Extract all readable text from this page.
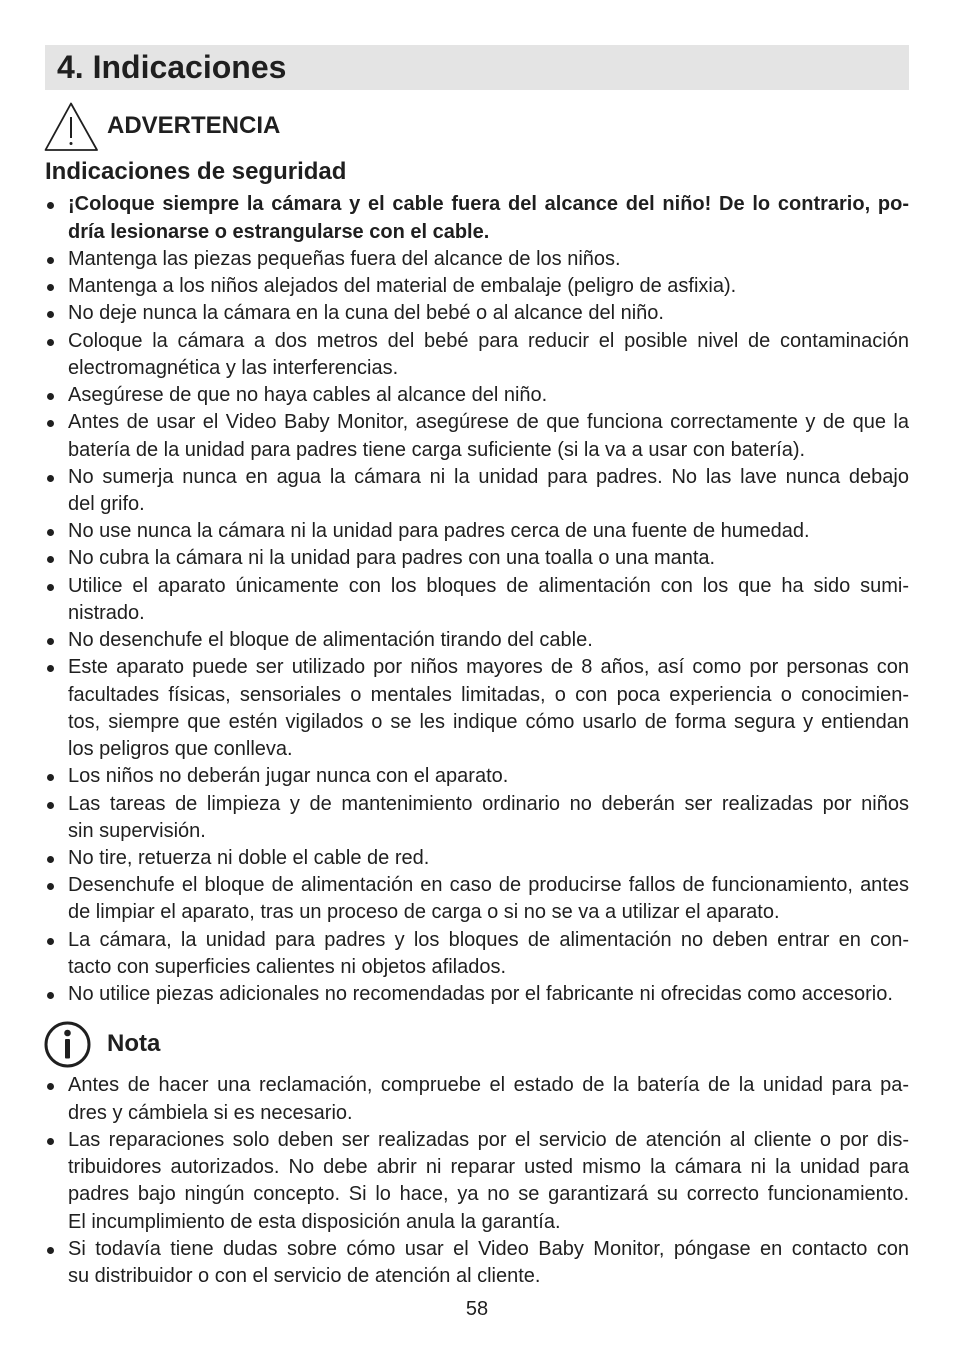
4. Indicaciones
ADVERTENCIA
Indicaciones de seguridad
¡Coloque siempre la cámara y el cable fuera del alcance del niño! De lo contrario, po-
dría lesionarse o estrangularse con el cable.
Mantenga las piezas pequeñas fuera del alcance de los niños.
Mantenga a los niños alejados del material de embalaje (peligro de asfixia).
No deje nunca la cámara en la cuna del bebé o al alcance del niño.
Coloque la cámara a dos metros del bebé para reducir el posible nivel de contaminación
electromagnética y las interferencias.
Asegúrese de que no haya cables al alcance del niño.
Antes de usar el Video Baby Monitor, asegúrese de que funciona correctamente y de que la
batería de la unidad para padres tiene carga suficiente (si la va a usar con batería).
No sumerja nunca en agua la cámara ni la unidad para padres. No las lave nunca debajo
del grifo.
No use nunca la cámara ni la unidad para padres cerca de una fuente de humedad.
No cubra la cámara ni la unidad para padres con una toalla o una manta.
Utilice el aparato únicamente con los bloques de alimentación con los que ha sido sumi-
nistrado.
No desenchufe el bloque de alimentación tirando del cable.
Este aparato puede ser utilizado por niños mayores de 8 años, así como por personas con
facultades físicas, sensoriales o mentales limitadas, o con poca experiencia o conocimien-
tos, siempre que estén vigilados o se les indique cómo usarlo de forma segura y entiendan
los peligros que conlleva.
Los niños no deberán jugar nunca con el aparato.
Las tareas de limpieza y de mantenimiento ordinario no deberán ser realizadas por niños
sin supervisión.
No tire, retuerza ni doble el cable de red.
Desenchufe el bloque de alimentación en caso de producirse fallos de funcionamiento, antes
de limpiar el aparato, tras un proceso de carga o si no se va a utilizar el aparato.
La cámara, la unidad para padres y los bloques de alimentación no deben entrar en con-
tacto con superficies calientes ni objetos afilados.
No utilice piezas adicionales no recomendadas por el fabricante ni ofrecidas como accesorio.
Nota
Antes de hacer una reclamación, compruebe el estado de la batería de la unidad para pa-
dres y cámbiela si es necesario.
Las reparaciones solo deben ser realizadas por el servicio de atención al cliente o por dis-
tribuidores autorizados. No debe abrir ni reparar usted mismo la cámara ni la unidad para
padres bajo ningún concepto. Si lo hace, ya no se garantizará su correcto funcionamiento.
El incumplimiento de esta disposición anula la garantía.
Si todavía tiene dudas sobre cómo usar el Video Baby Monitor, póngase en contacto con
su distribuidor o con el servicio de atención al cliente.
58
